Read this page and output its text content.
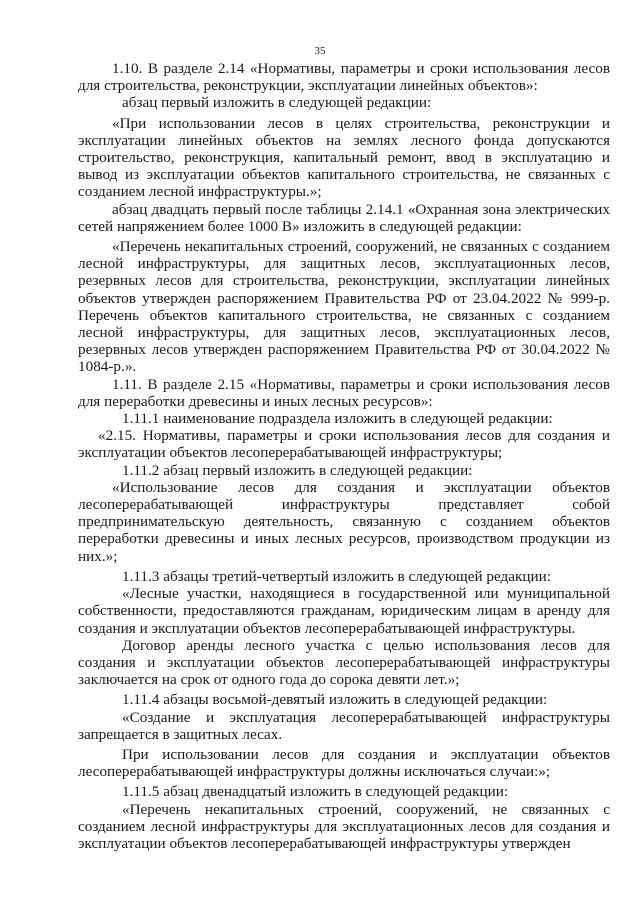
35

1.10. В разделе 2.14 «Нормативы, параметры и сроки использования лесов для строительства, реконструкции, эксплуатации линейных объектов»:

абзац первый изложить в следующей редакции:

«При использовании лесов в целях строительства, реконструкции и эксплуатации линейных объектов на землях лесного фонда допускаются строительство, реконструкция, капитальный ремонт, ввод в эксплуатацию и вывод из эксплуатации объектов капитального строительства, не связанных с созданием лесной инфраструктуры.»;

абзац двадцать первый после таблицы 2.14.1 «Охранная зона электрических сетей напряжением более 1000 В» изложить в следующей редакции:

«Перечень некапитальных строений, сооружений, не связанных с созданием лесной инфраструктуры, для защитных лесов, эксплуатационных лесов, резервных лесов для строительства, реконструкции, эксплуатации линейных объектов утвержден распоряжением Правительства РФ от 23.04.2022 № 999-р. Перечень объектов капитального строительства, не связанных с созданием лесной инфраструктуры, для защитных лесов, эксплуатационных лесов, резервных лесов утвержден распоряжением Правительства РФ от 30.04.2022 № 1084-р.».

1.11. В разделе 2.15 «Нормативы, параметры и сроки использования лесов для переработки древесины и иных лесных ресурсов»:

1.11.1 наименование подраздела изложить в следующей редакции:

«2.15. Нормативы, параметры и сроки использования лесов для создания и эксплуатации объектов лесоперерабатывающей инфраструктуры;

1.11.2 абзац первый изложить в следующей редакции:

«Использование лесов для создания и эксплуатации объектов лесоперерабатывающей инфраструктуры представляет собой предпринимательскую деятельность, связанную с созданием объектов переработки древесины и иных лесных ресурсов, производством продукции из них.»;

1.11.3 абзацы третий-четвертый изложить в следующей редакции:

«Лесные участки, находящиеся в государственной или муниципальной собственности, предоставляются гражданам, юридическим лицам в аренду для создания и эксплуатации объектов лесоперерабатывающей инфраструктуры.

Договор аренды лесного участка с целью использования лесов для создания и эксплуатации объектов лесоперерабатывающей инфраструктуры заключается на срок от одного года до сорока девяти лет.»;

1.11.4 абзацы восьмой-девятый изложить в следующей редакции:

«Создание и эксплуатация лесоперерабатывающей инфраструктуры запрещается в защитных лесах.

При использовании лесов для создания и эксплуатации объектов лесоперерабатывающей инфраструктуры должны исключаться случаи:»;

1.11.5 абзац двенадцатый изложить в следующей редакции:

«Перечень некапитальных строений, сооружений, не связанных с созданием лесной инфраструктуры для эксплуатационных лесов для создания и эксплуатации объектов лесоперерабатывающей инфраструктуры утвержден
